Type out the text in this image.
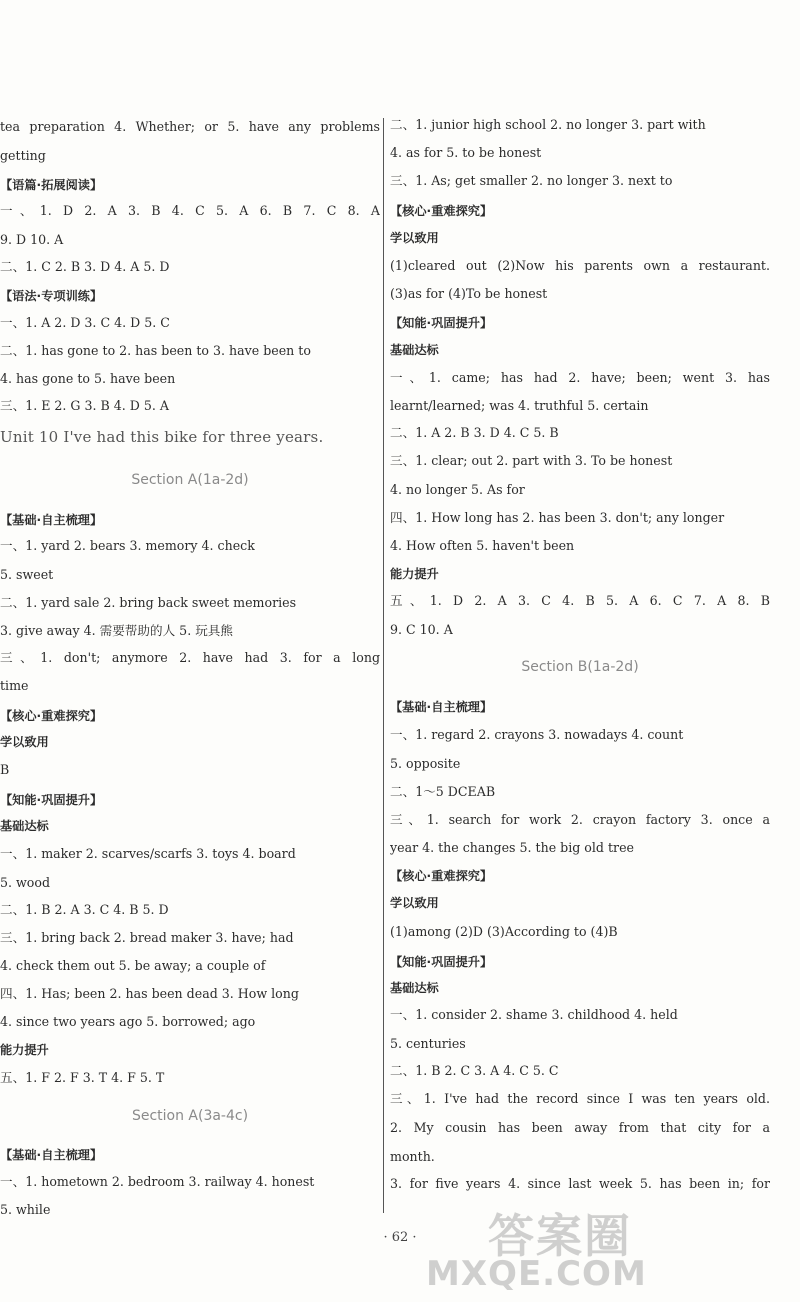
tea preparation 4. Whether; or 5. have any problems
getting
【语篇·拓展阅读】
一、1. D 2. A 3. B 4. C 5. A 6. B 7. C 8. A
9. D 10. A
二、1. C 2. B 3. D 4. A 5. D
【语法·专项训练】
一、1. A 2. D 3. C 4. D 5. C
二、1. has gone to 2. has been to 3. have been to
4. has gone to 5. have been
三、1. E 2. G 3. B 4. D 5. A
Unit 10 I've had this bike for three years.
Section A(1a-2d)
【基础·自主梳理】
一、1. yard 2. bears 3. memory 4. check
5. sweet
二、1. yard sale 2. bring back sweet memories
3. give away 4. 需要帮助的人 5. 玩具熊
三、1. don't; anymore 2. have had 3. for a long
time
【核心·重难探究】
学以致用
B
【知能·巩固提升】
基础达标
一、1. maker 2. scarves/scarfs 3. toys 4. board
5. wood
二、1. B 2. A 3. C 4. B 5. D
三、1. bring back 2. bread maker 3. have; had
4. check them out 5. be away; a couple of
四、1. Has; been 2. has been dead 3. How long
4. since two years ago 5. borrowed; ago
能力提升
五、1. F 2. F 3. T 4. F 5. T
Section A(3a-4c)
【基础·自主梳理】
一、1. hometown 2. bedroom 3. railway 4. honest
5. while
二、1. junior high school 2. no longer 3. part with
4. as for 5. to be honest
三、1. As; get smaller 2. no longer 3. next to
【核心·重难探究】
学以致用
(1)cleared out (2)Now his parents own a restaurant.
(3)as for (4)To be honest
【知能·巩固提升】
基础达标
一、1. came; has had 2. have; been; went 3. has
learnt/learned; was 4. truthful 5. certain
二、1. A 2. B 3. D 4. C 5. B
三、1. clear; out 2. part with 3. To be honest
4. no longer 5. As for
四、1. How long has 2. has been 3. don't; any longer
4. How often 5. haven't been
能力提升
五、1. D 2. A 3. C 4. B 5. A 6. C 7. A 8. B
9. C 10. A
Section B(1a-2d)
【基础·自主梳理】
一、1. regard 2. crayons 3. nowadays 4. count
5. opposite
二、1～5 DCEAB
三、1. search for work 2. crayon factory 3. once a
year 4. the changes 5. the big old tree
【核心·重难探究】
学以致用
(1)among (2)D (3)According to (4)B
【知能·巩固提升】
基础达标
一、1. consider 2. shame 3. childhood 4. held
5. centuries
二、1. B 2. C 3. A 4. C 5. C
三、1. I've had the record since I was ten years old.
2. My cousin has been away from that city for a
month.
3. for five years 4. since last week 5. has been in; for
· 62 ·	答案圈
MXQE.COM
